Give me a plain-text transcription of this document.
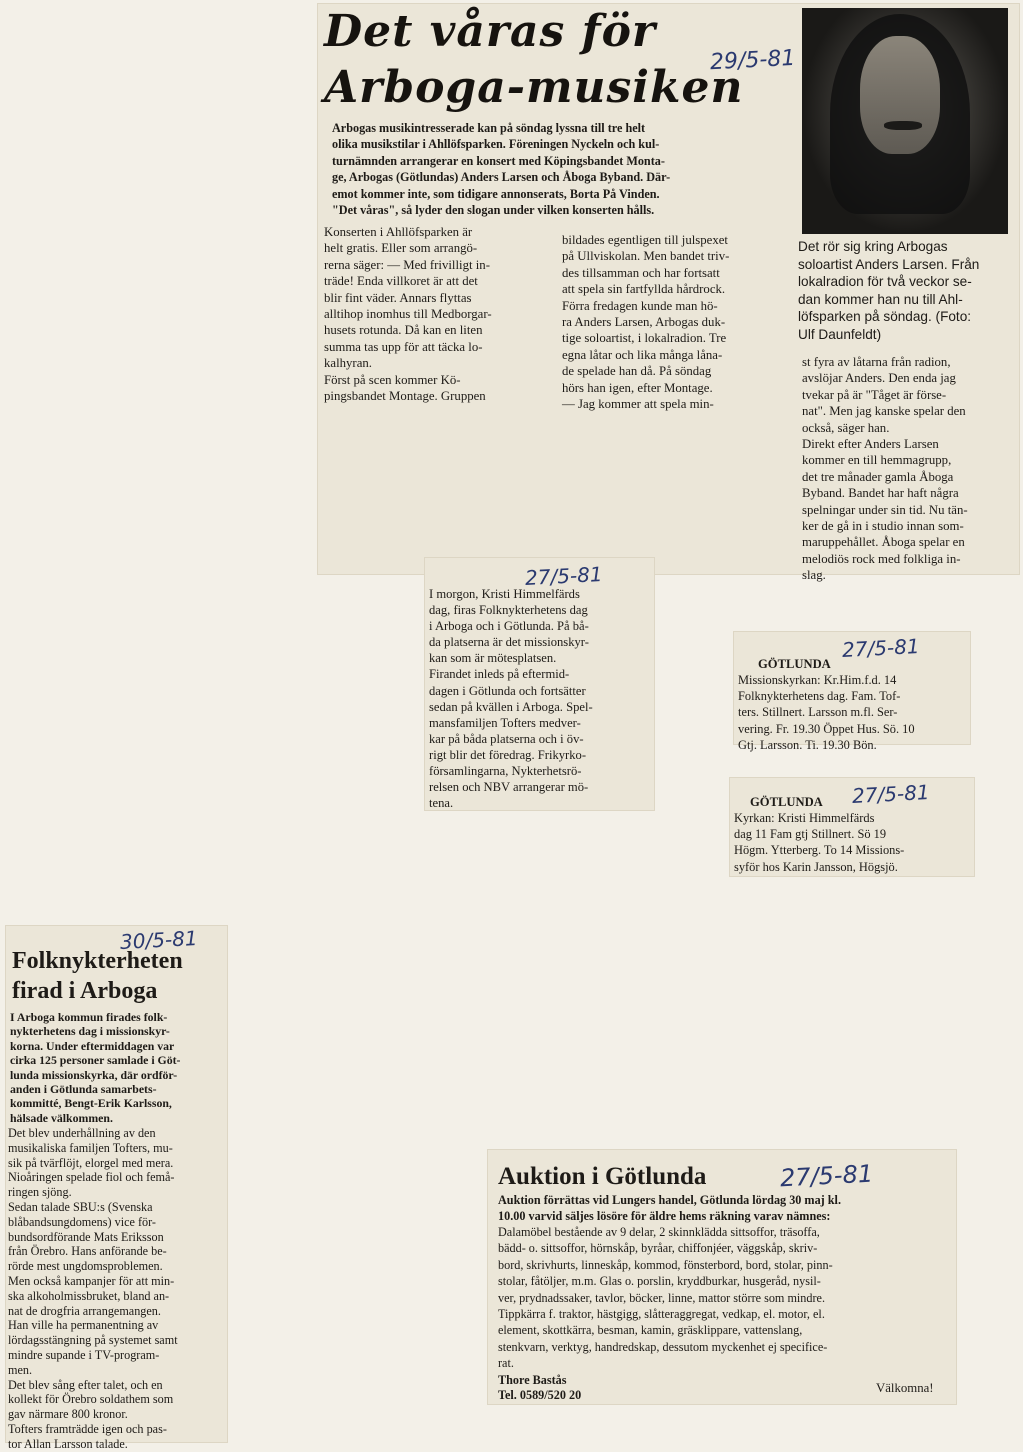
Det våras för
Arboga-musiken
29/5-81
Arbogas musikintresserade kan på söndag lyssna till tre helt
olika musikstilar i Ahllöfsparken. Föreningen Nyckeln och kul-
turnämnden arrangerar en konsert med Köpingsbandet Monta-
ge, Arbogas (Götlundas) Anders Larsen och Åboga Byband. Där-
emot kommer inte, som tidigare annonserats, Borta På Vinden.
"Det våras", så lyder den slogan under vilken konserten hålls.
Konserten i Ahllöfsparken är
helt gratis. Eller som arrangö-
rerna säger: — Med frivilligt in-
träde! Enda villkoret är att det
blir fint väder. Annars flyttas
alltihop inomhus till Medborgar-
husets rotunda. Då kan en liten
summa tas upp för att täcka lo-
kalhyran.
Först på scen kommer Kö-
pingsbandet Montage. Gruppen
bildades egentligen till julspexet
på Ullviskolan. Men bandet triv-
des tillsamman och har fortsatt
att spela sin fartfyllda hårdrock.
Förra fredagen kunde man hö-
ra Anders Larsen, Arbogas duk-
tige soloartist, i lokalradion. Tre
egna låtar och lika många låna-
de spelade han då. På söndag
hörs han igen, efter Montage.
— Jag kommer att spela min-
Det rör sig kring Arbogas
soloartist Anders Larsen. Från
lokalradion för två veckor se-
dan kommer han nu till Ahl-
löfsparken på söndag. (Foto:
Ulf Daunfeldt)
st fyra av låtarna från radion,
avslöjar Anders. Den enda jag
tvekar på är "Tåget är försе-
nat". Men jag kanske spelar den
också, säger han.
Direkt efter Anders Larsen
kommer en till hemmagrupp,
det tre månader gamla Åboga
Byband. Bandet har haft några
spelningar under sin tid. Nu tän-
ker de gå in i studio innan som-
maruppehållet. Åboga spelar en
melodiös rock med folkliga in-
slag.
27/5-81
I morgon, Kristi Himmelfärds
dag, firas Folknykterhetens dag
i Arboga och i Götlunda. På bå-
da platserna är det missionskyr-
kan som är mötesplatsen.
Firandet inleds på eftermid-
dagen i Götlunda och fortsätter
sedan på kvällen i Arboga. Spel-
mansfamiljen Tofters medver-
kar på båda platserna och i öv-
rigt blir det föredrag. Frikyrko-
församlingarna, Nykterhetsrö-
relsen och NBV arrangerar mö-
tena.
27/5-81
GÖTLUNDA
Missionskyrkan: Kr.Him.f.d. 14
Folknykterhetens dag. Fam. Tof-
ters. Stillnert. Larsson m.fl. Ser-
vering. Fr. 19.30 Öppet Hus. Sö. 10
Gtj. Larsson. Ti. 19.30 Bön.
27/5-81
GÖTLUNDA
Kyrkan: Kristi Himmelfärds
dag 11 Fam gtj Stillnert. Sö 19
Högm. Ytterberg. To 14 Missions-
syför hos Karin Jansson, Högsjö.
30/5-81
Folknykterheten
firad i Arboga
I Arboga kommun firades folk-
nykterhetens dag i missionskyr-
korna. Under eftermiddagen var
cirka 125 personer samlade i Göt-
lunda missionskyrka, där ordför-
anden i Götlunda samarbets-
kommitté, Bengt-Erik Karlsson,
hälsade välkommen.
Det blev underhållning av den
musikaliska familjen Tofters, mu-
sik på tvärflöjt, elorgel med mera.
Nioåringen spelade fiol och femå-
ringen sjöng.
Sedan talade SBU:s (Svenska
blåbandsungdomens) vice för-
bundsordförande Mats Eriksson
från Örebro. Hans anförande be-
rörde mest ungdomsproblemen.
Men också kampanjer för att min-
ska alkoholmissbruket, bland an-
nat de drogfria arrangemangen.
Han ville ha permanentning av
lördagsstängning på systemet samt
mindre supande i TV-program-
men.
Det blev sång efter talet, och en
kollekt för Örebro soldathem som
gav närmare 800 kronor.
Tofters framträdde igen och pas-
tor Allan Larsson talade.
Auktion i Götlunda	27/5-81
Auktion förrättas vid Lungers handel, Götlunda lördag 30 maj kl.
10.00 varvid säljes lösöre för äldre hems räkning varav nämnes:
Dalamöbel bestående av 9 delar, 2 skinnklädda sittsoffor, träsoffa,
bädd- o. sittsoffor, hörnskåp, byråar, chiffonjéer, väggskåp, skriv-
bord, skrivhurts, linneskåp, kommod, fönsterbord, bord, stolar, pinn-
stolar, fåtöljer, m.m. Glas o. porslin, kryddburkar, husgeråd, nysil-
ver, prydnadssaker, tavlor, böcker, linne, mattor större som mindre.
Tippkärra f. traktor, hästgigg, slåtteraggregat, vedkap, el. motor, el.
element, skottkärra, besman, kamin, gräsklippare, vattenslang,
stenkvarn, verktyg, handredskap, dessutom myckenhet ej specifice-
rat.
Thore Bastås
Tel. 0589/520 20	Välkomna!
